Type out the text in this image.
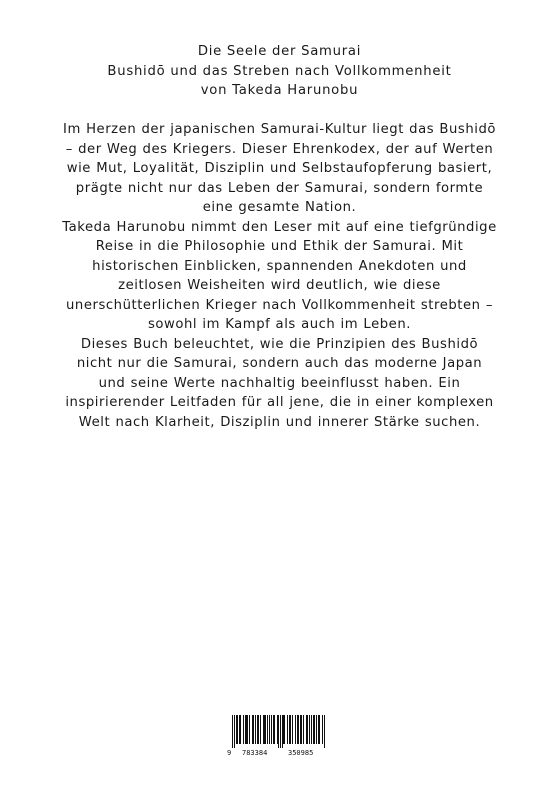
Die Seele der Samurai
Bushidō und das Streben nach Vollkommenheit
von Takeda Harunobu
Im Herzen der japanischen Samurai-Kultur liegt das Bushidō
– der Weg des Kriegers. Dieser Ehrenkodex, der auf Werten
wie Mut, Loyalität, Disziplin und Selbstaufopferung basiert,
prägte nicht nur das Leben der Samurai, sondern formte
eine gesamte Nation.
Takeda Harunobu nimmt den Leser mit auf eine tiefgründige
Reise in die Philosophie und Ethik der Samurai. Mit
historischen Einblicken, spannenden Anekdoten und
zeitlosen Weisheiten wird deutlich, wie diese
unerschütterlichen Krieger nach Vollkommenheit strebten –
sowohl im Kampf als auch im Leben.
Dieses Buch beleuchtet, wie die Prinzipien des Bushidō
nicht nur die Samurai, sondern auch das moderne Japan
und seine Werte nachhaltig beeinflusst haben. Ein
inspirierender Leitfaden für all jene, die in einer komplexen
Welt nach Klarheit, Disziplin und innerer Stärke suchen.
9 783384	350985
